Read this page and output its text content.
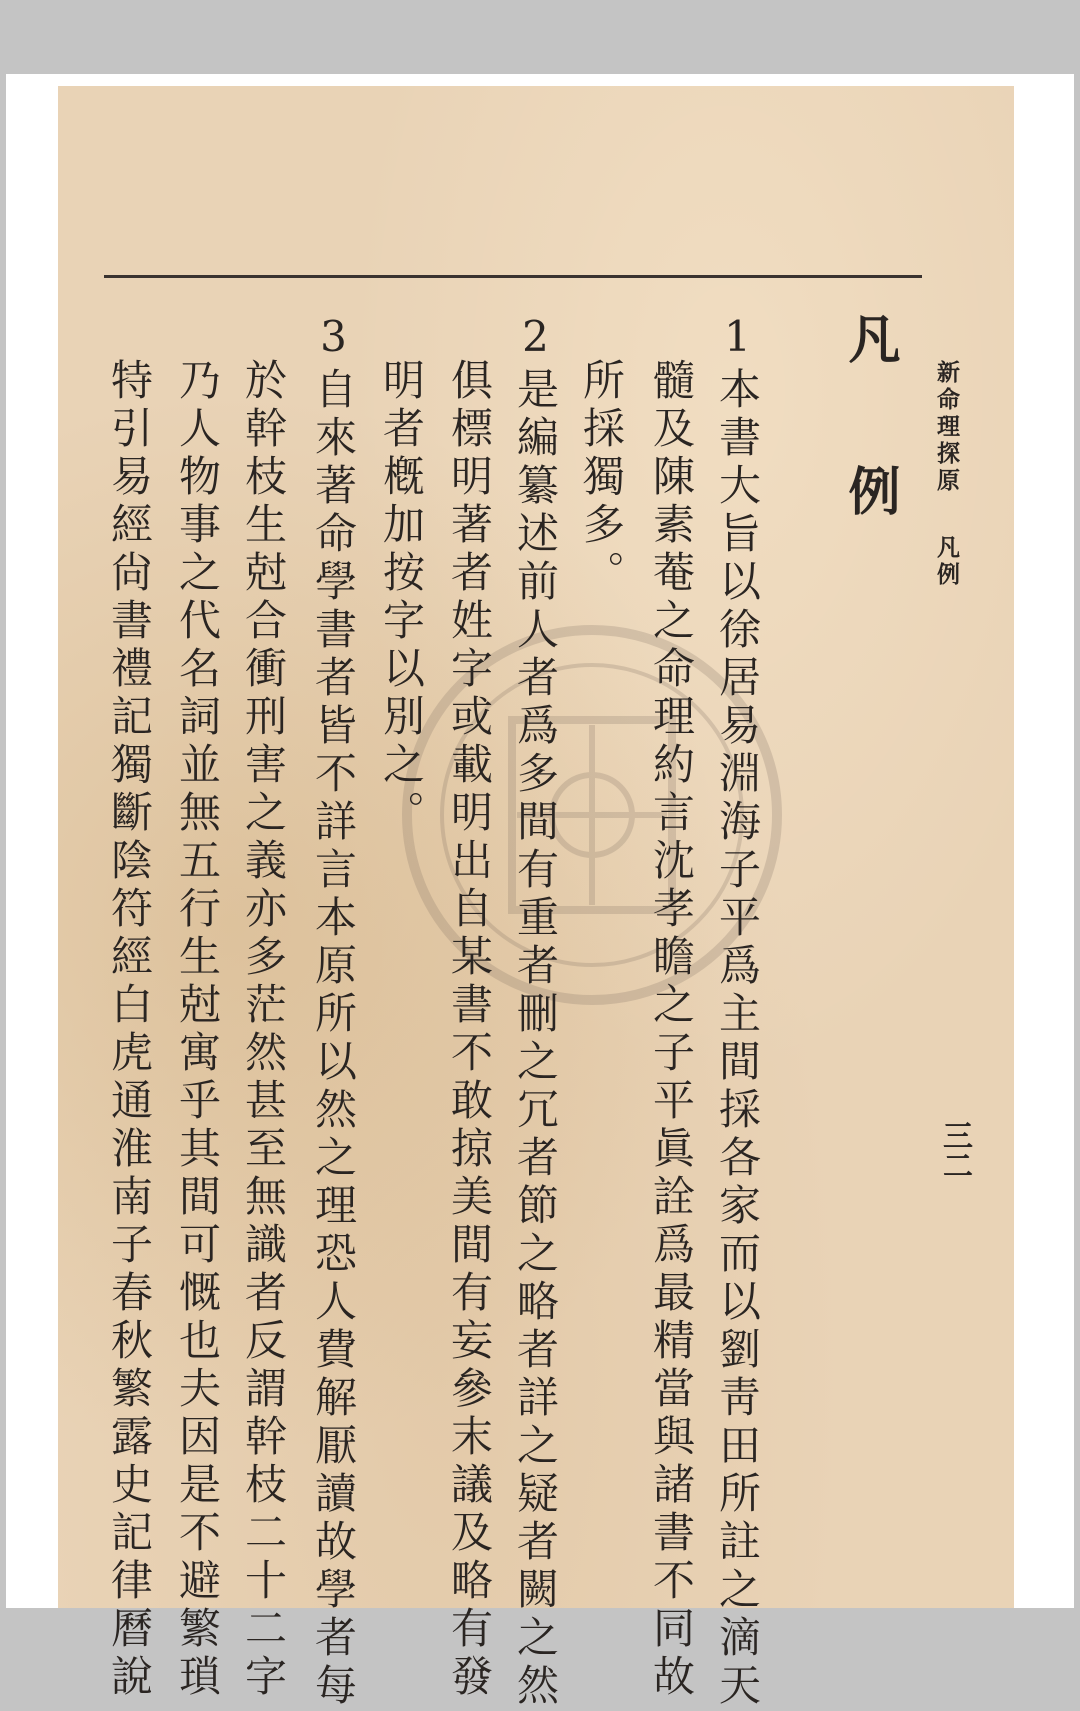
新命理探原凡例
三二
凡例
1本書大旨以徐居易淵海子平爲主間採各家而以劉靑田所註之滴天
髓及陳素菴之命理約言沈孝瞻之子平眞詮爲最精當與諸書不同故
所採獨多。
2是編纂述前人者爲多間有重者刪之冗者節之略者詳之疑者闕之然
俱標明著者姓字或載明出自某書不敢掠美間有妄參末議及略有發
明者槪加按字以別之。
3自來著命學書者皆不詳言本原所以然之理恐人費解厭讀故學者每
於幹枝生尅合衝刑害之義亦多茫然甚至無識者反謂幹枝二十二字
乃人物事之代名詞並無五行生尅寓乎其間可慨也夫因是不避繁瑣
特引易經尙書禮記獨斷陰符經白虎通淮南子春秋繁露史記律曆說
